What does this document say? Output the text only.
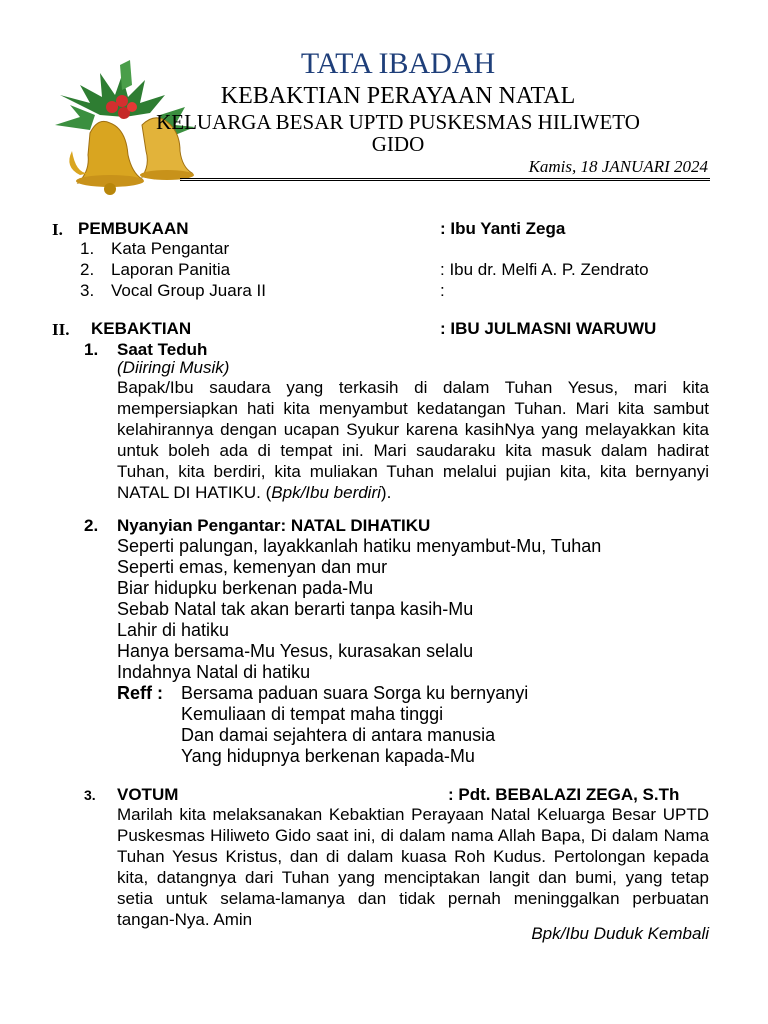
TATA IBADAH
KEBAKTIAN PERAYAAN NATAL
KELUARGA BESAR UPTD PUSKESMAS HILIWETO
GIDO
Kamis, 18 JANUARI 2024
I. PEMBUKAAN	: Ibu Yanti Zega
1. Kata Pengantar
2. Laporan Panitia	: Ibu dr. Melfi A. P. Zendrato
3. Vocal Group Juara II	:
II. KEBAKTIAN	: IBU JULMASNI WARUWU
1. Saat Teduh
(Diiringi Musik)
Bapak/Ibu saudara yang terkasih di dalam Tuhan Yesus, mari kita mempersiapkan hati kita menyambut kedatangan Tuhan. Mari kita sambut kelahirannya dengan ucapan Syukur karena kasihNya yang melayakkan kita untuk boleh ada di tempat ini. Mari saudaraku kita masuk dalam hadirat Tuhan, kita berdiri, kita muliakan Tuhan melalui pujian kita, kita bernyanyi NATAL DI HATIKU. (Bpk/Ibu berdiri).
2. Nyanyian Pengantar: NATAL DIHATIKU
Seperti palungan, layakkanlah hatiku menyambut-Mu, Tuhan
Seperti emas, kemenyan dan mur
Biar hidupku berkenan pada-Mu
Sebab Natal tak akan berarti tanpa kasih-Mu
Lahir di hatiku
Hanya bersama-Mu Yesus, kurasakan selalu
Indahnya Natal di hatiku
Reff : Bersama paduan suara Sorga ku bernyanyi
Kemuliaan di tempat maha tinggi
Dan damai sejahtera di antara manusia
Yang hidupnya berkenan kapada-Mu
3. VOTUM	: Pdt. BEBALAZI ZEGA, S.Th
Marilah kita melaksanakan Kebaktian Perayaan Natal Keluarga Besar UPTD Puskesmas Hiliweto Gido saat ini, di dalam nama Allah Bapa, Di dalam Nama Tuhan Yesus Kristus, dan di dalam kuasa Roh Kudus. Pertolongan kepada kita, datangnya dari Tuhan yang menciptakan langit dan bumi, yang tetap setia untuk selama-lamanya dan tidak pernah meninggalkan perbuatan tangan-Nya. Amin
Bpk/Ibu Duduk Kembali
